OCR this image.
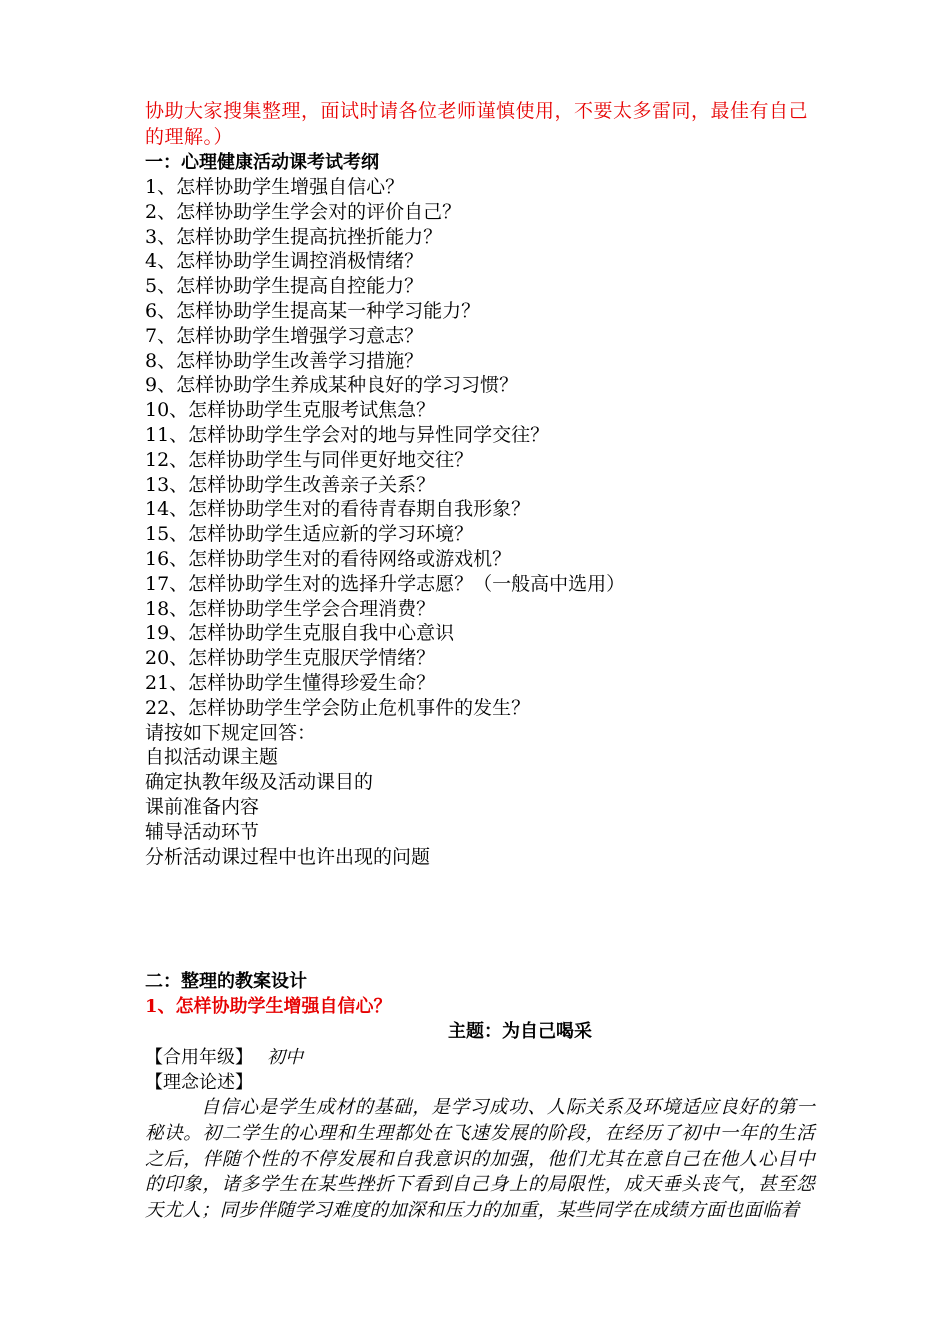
协助大家搜集整理，面试时请各位老师谨慎使用，不要太多雷同，最佳有自己的理解。）

一：心理健康活动课考试考纲

1、怎样协助学生增强自信心？
2、怎样协助学生学会对的评价自己？
3、怎样协助学生提高抗挫折能力？
4、怎样协助学生调控消极情绪？
5、怎样协助学生提高自控能力？
6、怎样协助学生提高某一种学习能力？
7、怎样协助学生增强学习意志？
8、怎样协助学生改善学习措施？
9、怎样协助学生养成某种良好的学习习惯？
10、怎样协助学生克服考试焦急？
11、怎样协助学生学会对的地与异性同学交往？
12、怎样协助学生与同伴更好地交往？
13、怎样协助学生改善亲子关系？
14、怎样协助学生对的看待青春期自我形象？
15、怎样协助学生适应新的学习环境？
16、怎样协助学生对的看待网络或游戏机？
17、怎样协助学生对的选择升学志愿？（一般高中选用）
18、怎样协助学生学会合理消费？
19、怎样协助学生克服自我中心意识
20、怎样协助学生克服厌学情绪？
21、怎样协助学生懂得珍爱生命？
22、怎样协助学生学会防止危机事件的发生？

请按如下规定回答：

自拟活动课主题

确定执教年级及活动课目的

课前准备内容

辅导活动环节

分析活动课过程中也许出现的问题

二：整理的教案设计

1、怎样协助学生增强自信心？

主题：为自己喝采

【合用年级】 初中

【理念论述】

自信心是学生成材的基础，是学习成功、人际关系及环境适应良好的第一秘诀。初二学生的心理和生理都处在飞速发展的阶段，在经历了初中一年的生活之后，伴随个性的不停发展和自我意识的加强，他们尤其在意自己在他人心目中的印象，诸多学生在某些挫折下看到自己身上的局限性，成天垂头丧气，甚至怨天尤人；同步伴随学习难度的加深和压力的加重，某些同学在成绩方面也面临着
